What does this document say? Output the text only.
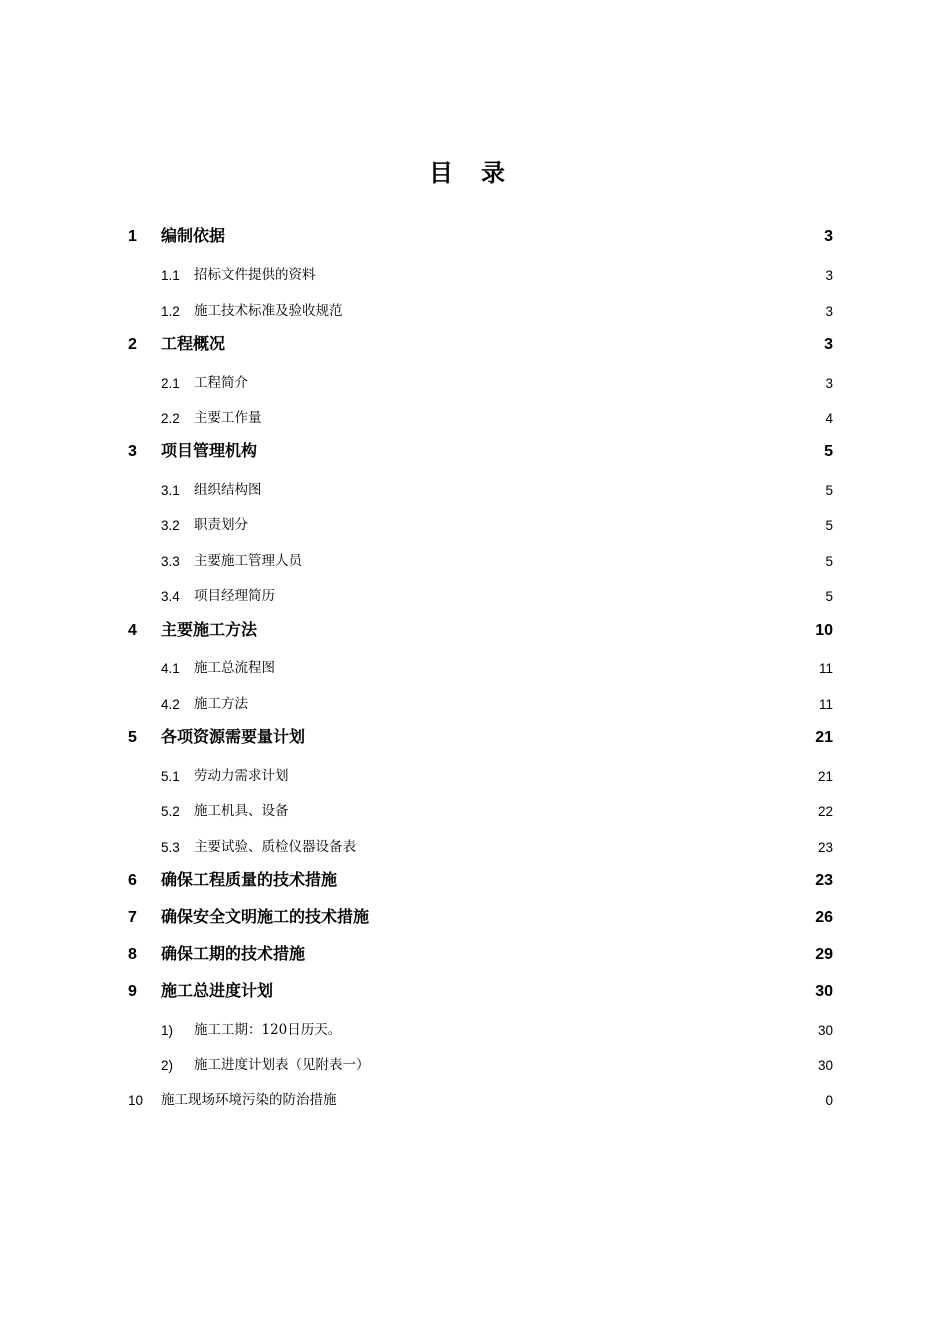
目录
1	编制依据	3
1.1	招标文件提供的资料	3
1.2	施工技术标准及验收规范	3
2	工程概况	3
2.1	工程简介	3
2.2	主要工作量	4
3	项目管理机构	5
3.1	组织结构图	5
3.2	职责划分	5
3.3	主要施工管理人员	5
3.4	项目经理简历	5
4	主要施工方法	10
4.1	施工总流程图	11
4.2	施工方法	11
5	各项资源需要量计划	21
5.1	劳动力需求计划	21
5.2	施工机具、设备	22
5.3	主要试验、质检仪器设备表	23
6	确保工程质量的技术措施	23
7	确保安全文明施工的技术措施	26
8	确保工期的技术措施	29
9	施工总进度计划	30
1)	施工工期：120日历天。	30
2)	施工进度计划表（见附表一）	30
10	施工现场环境污染的防治措施	0
